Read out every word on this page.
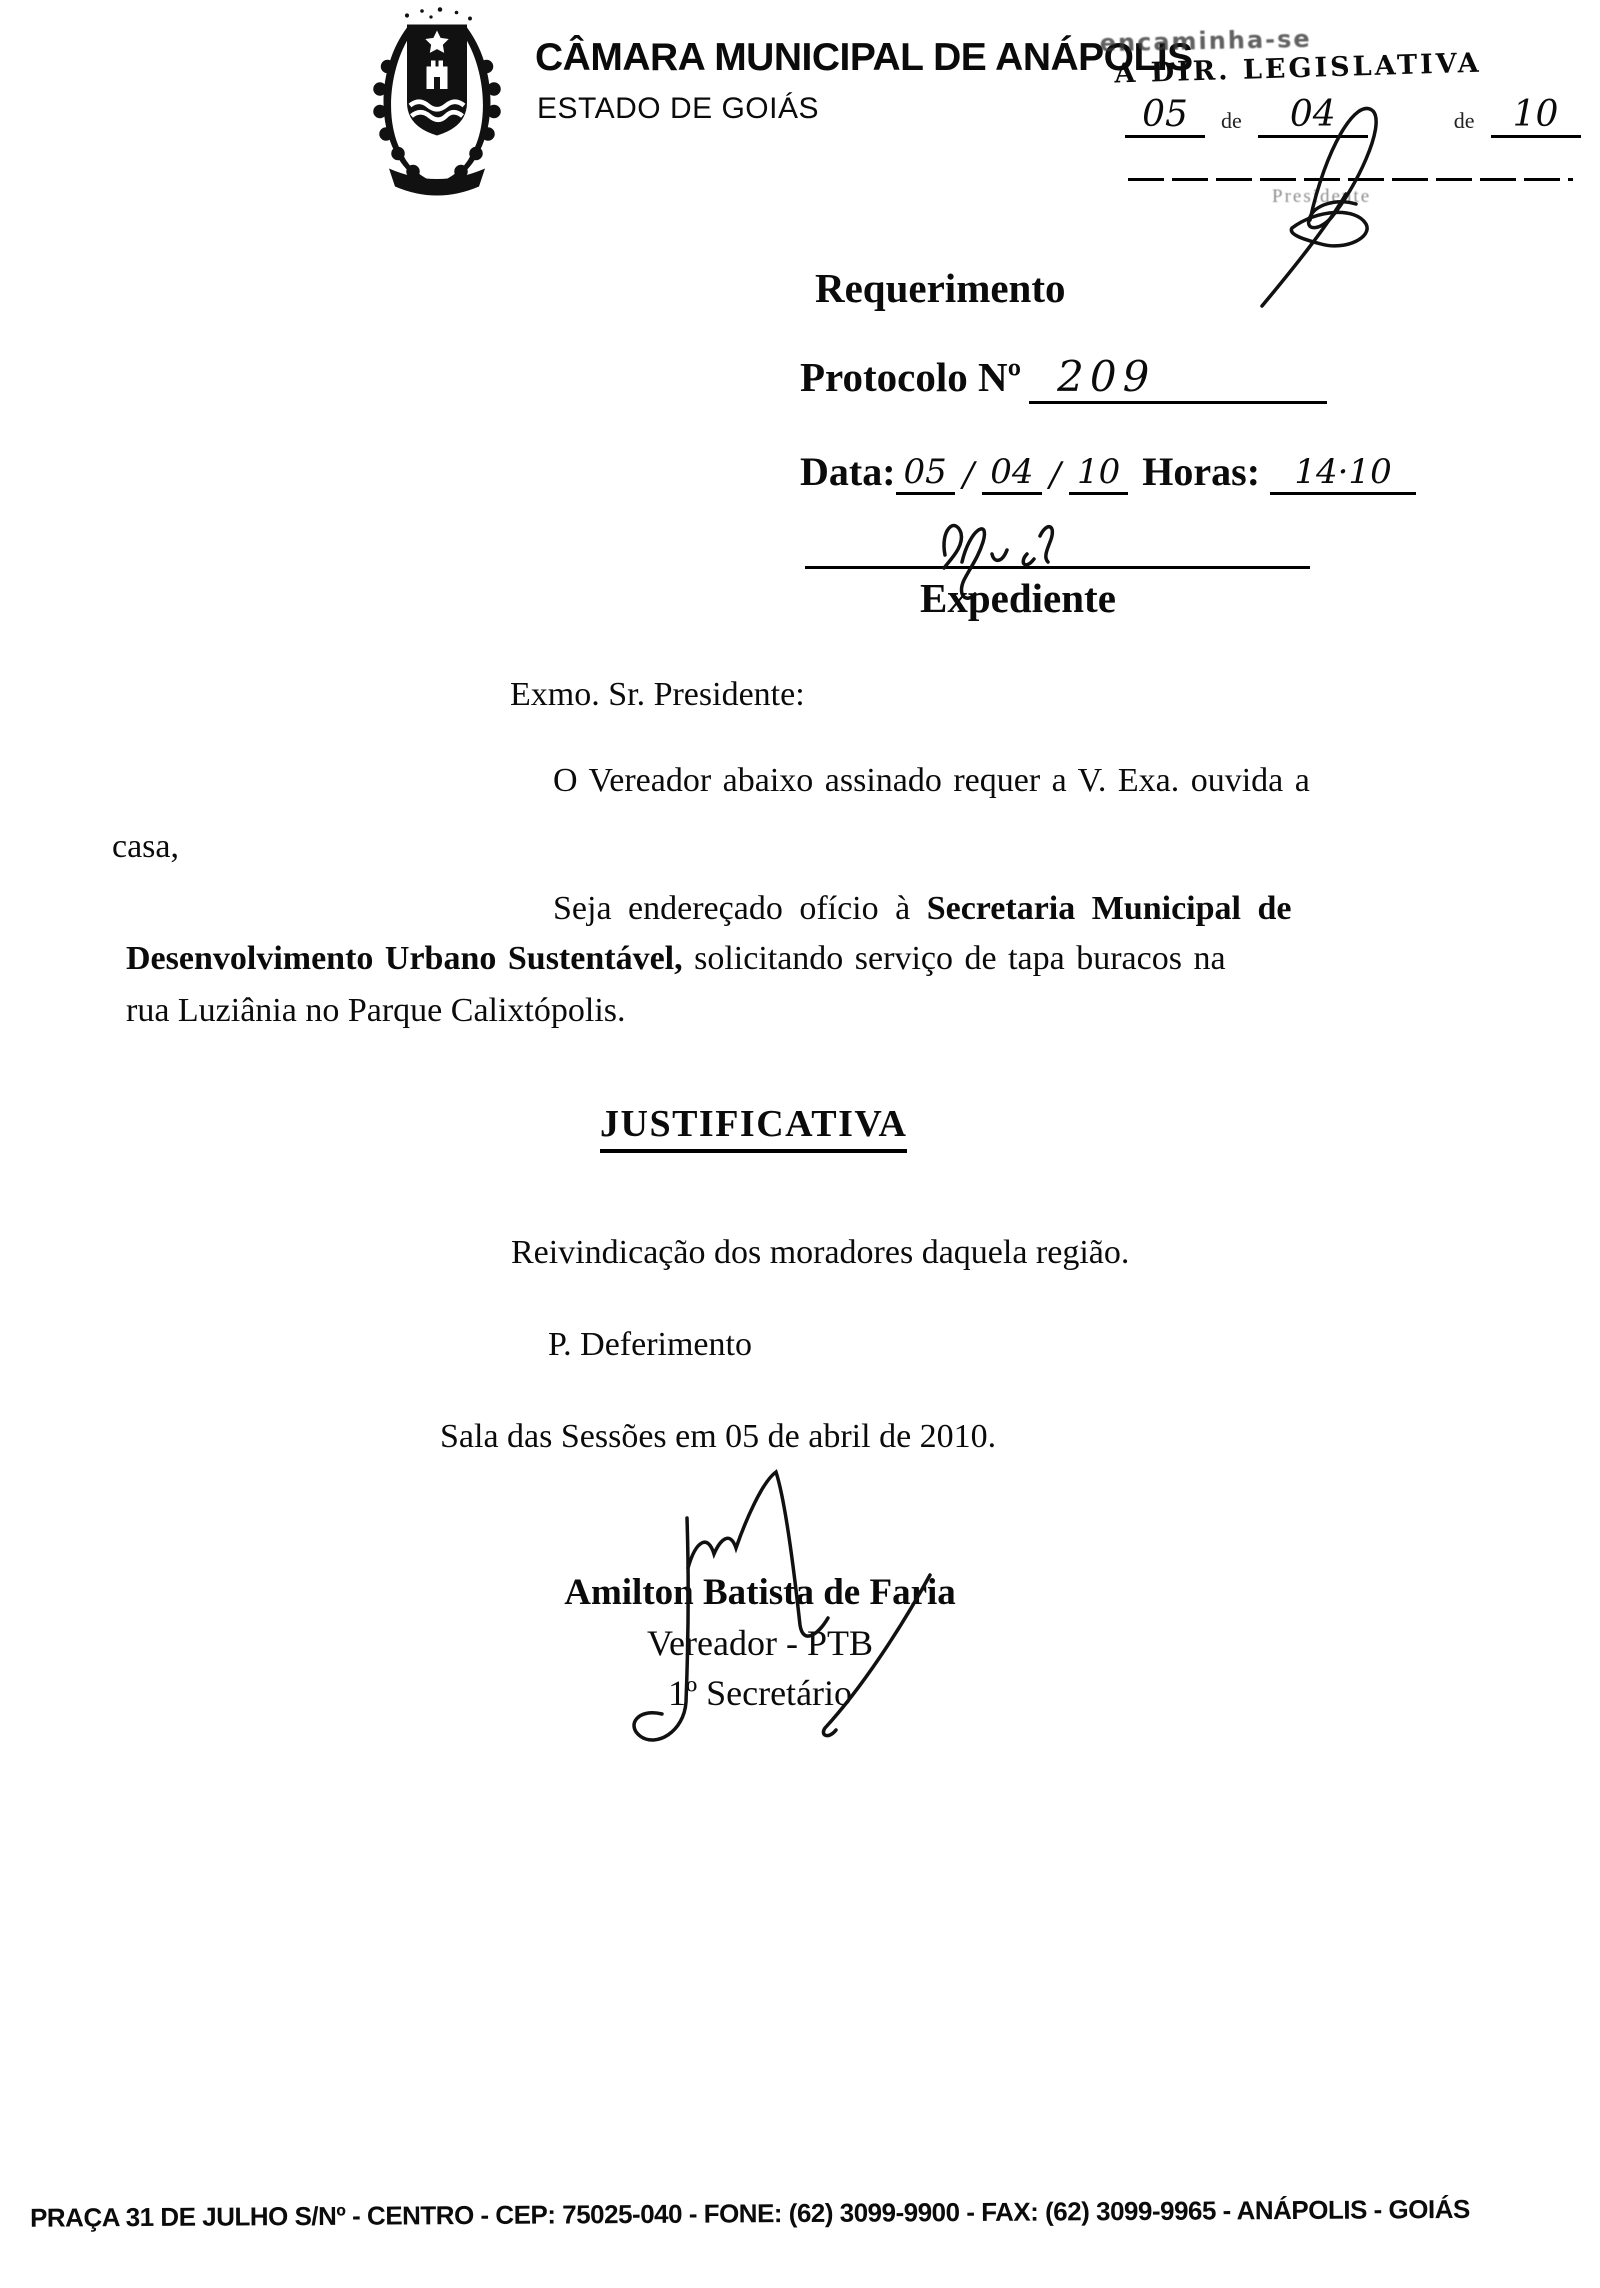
CÂMARA MUNICIPAL DE ANÁPOLIS
ESTADO DE GOIÁS
encaminha-seA DIR. LEGISLATIVA
05	de	04	de	10
Presidente
Requerimento
Protocolo Nº 209
Data: 05 / 04 / 10 Horas:	14·10
Expediente
Exmo. Sr. Presidente:
O Vereador abaixo assinado requer a V. Exa. ouvida a
casa,
Seja endereçado ofício à Secretaria Municipal de
Desenvolvimento Urbano Sustentável, solicitando serviço de tapa buracos na
rua Luziânia no Parque Calixtópolis.
JUSTIFICATIVA
Reivindicação dos moradores daquela região.
P. Deferimento
Sala das Sessões em 05 de abril de 2010.
Amilton Batista de Faria
Vereador - PTB
1º Secretário
PRAÇA 31 DE JULHO S/Nº - CENTRO - CEP: 75025-040 - FONE: (62) 3099-9900 - FAX: (62) 3099-9965 - ANÁPOLIS - GOIÁS
